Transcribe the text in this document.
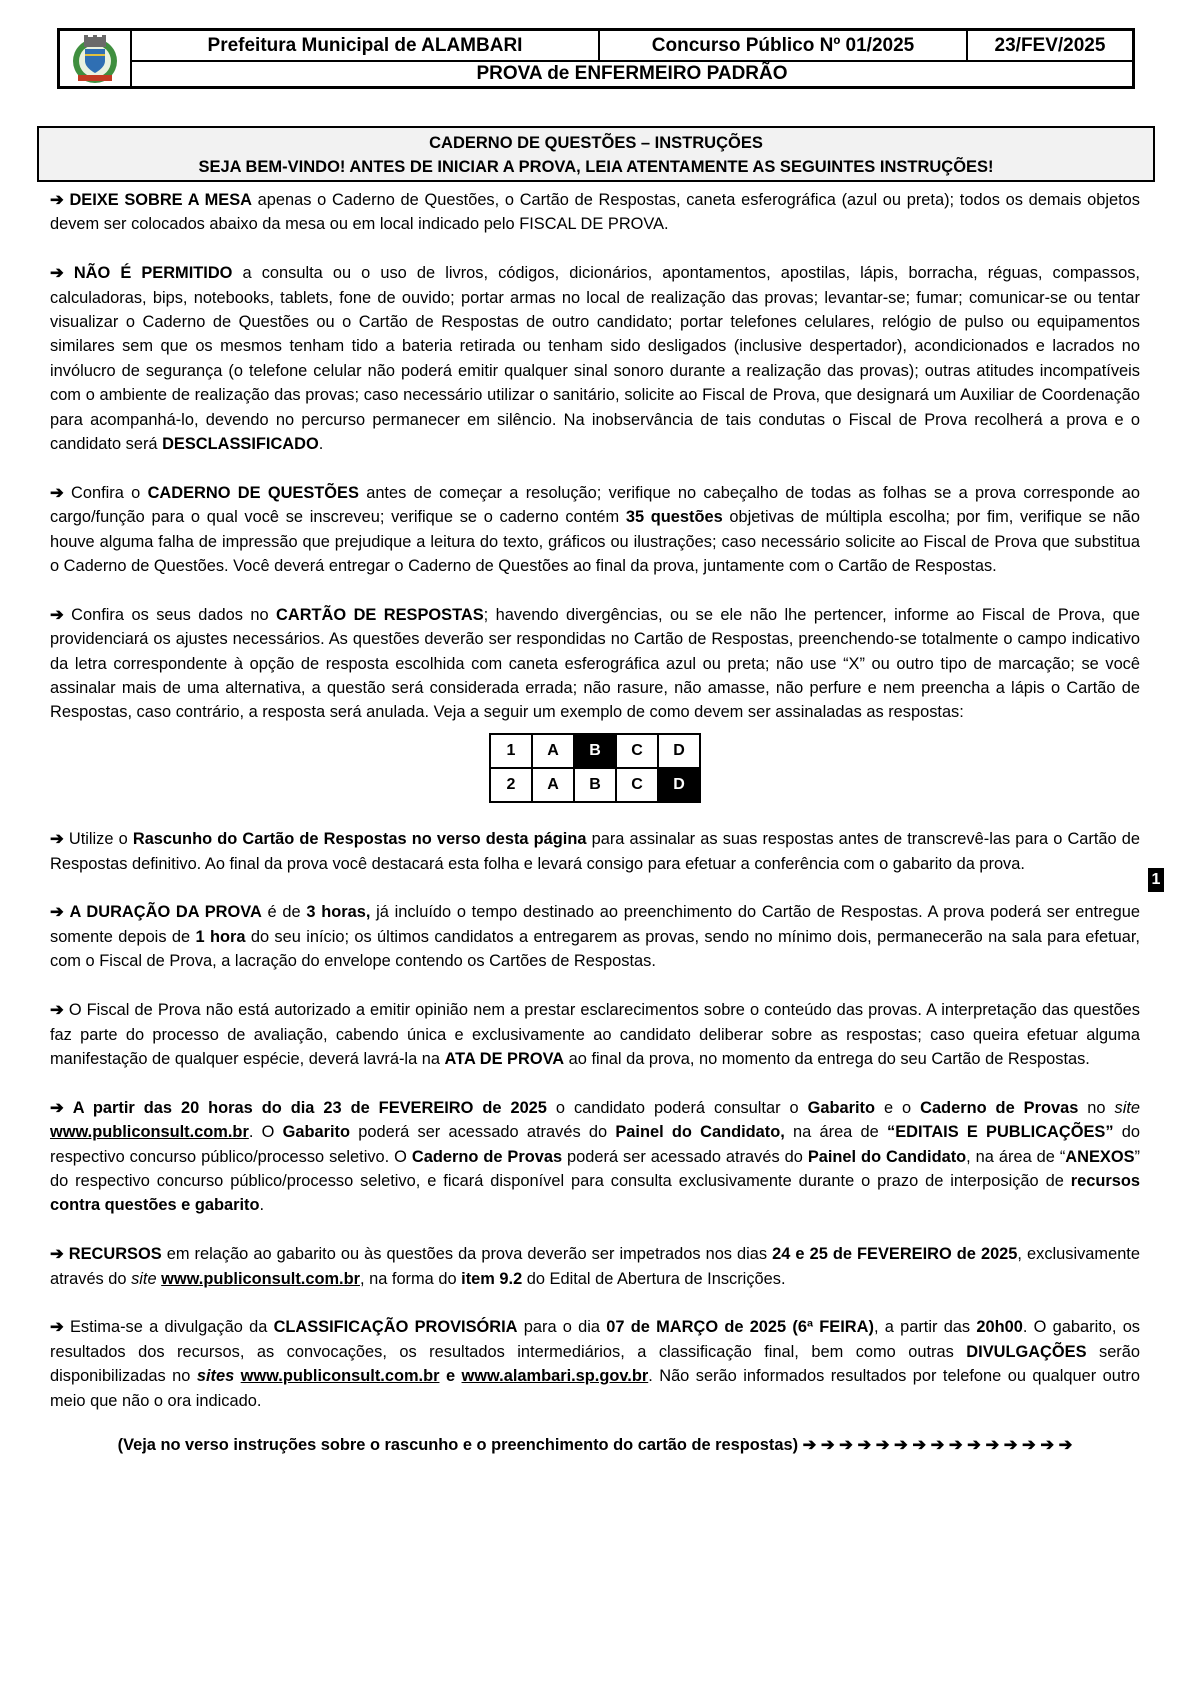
Prefeitura Municipal de ALAMBARI	Concurso Público Nº 01/2025	23/FEV/2025
PROVA de ENFERMEIRO PADRÃO
CADERNO DE QUESTÕES – INSTRUÇÕES
SEJA BEM-VINDO! ANTES DE INICIAR A PROVA, LEIA ATENTAMENTE AS SEGUINTES INSTRUÇÕES!

➔ DEIXE SOBRE A MESA apenas o Caderno de Questões, o Cartão de Respostas, caneta esferográfica (azul ou preta); todos os demais objetos devem ser colocados abaixo da mesa ou em local indicado pelo FISCAL DE PROVA.

➔ NÃO É PERMITIDO a consulta ou o uso de livros, códigos, dicionários, apontamentos, apostilas, lápis, borracha, réguas, compassos, calculadoras, bips, notebooks, tablets, fone de ouvido; portar armas no local de realização das provas; levantar-se; fumar; comunicar-se ou tentar visualizar o Caderno de Questões ou o Cartão de Respostas de outro candidato; portar telefones celulares, relógio de pulso ou equipamentos similares sem que os mesmos tenham tido a bateria retirada ou tenham sido desligados (inclusive despertador), acondicionados e lacrados no invólucro de segurança (o telefone celular não poderá emitir qualquer sinal sonoro durante a realização das provas); outras atitudes incompatíveis com o ambiente de realização das provas; caso necessário utilizar o sanitário, solicite ao Fiscal de Prova, que designará um Auxiliar de Coordenação para acompanhá-lo, devendo no percurso permanecer em silêncio. Na inobservância de tais condutas o Fiscal de Prova recolherá a prova e o candidato será DESCLASSIFICADO.

➔ Confira o CADERNO DE QUESTÕES antes de começar a resolução; verifique no cabeçalho de todas as folhas se a prova corresponde ao cargo/função para o qual você se inscreveu; verifique se o caderno contém 35 questões objetivas de múltipla escolha; por fim, verifique se não houve alguma falha de impressão que prejudique a leitura do texto, gráficos ou ilustrações; caso necessário solicite ao Fiscal de Prova que substitua o Caderno de Questões. Você deverá entregar o Caderno de Questões ao final da prova, juntamente com o Cartão de Respostas.

➔ Confira os seus dados no CARTÃO DE RESPOSTAS; havendo divergências, ou se ele não lhe pertencer, informe ao Fiscal de Prova, que providenciará os ajustes necessários. As questões deverão ser respondidas no Cartão de Respostas, preenchendo-se totalmente o campo indicativo da letra correspondente à opção de resposta escolhida com caneta esferográfica azul ou preta; não use “X” ou outro tipo de marcação; se você assinalar mais de uma alternativa, a questão será considerada errada; não rasure, não amasse, não perfure e nem preencha a lápis o Cartão de Respostas, caso contrário, a resposta será anulada. Veja a seguir um exemplo de como devem ser assinaladas as respostas:

1	A	B	C	D
2	A	B	C	D

➔ Utilize o Rascunho do Cartão de Respostas no verso desta página para assinalar as suas respostas antes de transcrevê-las para o Cartão de Respostas definitivo. Ao final da prova você destacará esta folha e levará consigo para efetuar a conferência com o gabarito da prova.

➔ A DURAÇÃO DA PROVA é de 3 horas, já incluído o tempo destinado ao preenchimento do Cartão de Respostas. A prova poderá ser entregue somente depois de 1 hora do seu início; os últimos candidatos a entregarem as provas, sendo no mínimo dois, permanecerão na sala para efetuar, com o Fiscal de Prova, a lacração do envelope contendo os Cartões de Respostas.

➔ O Fiscal de Prova não está autorizado a emitir opinião nem a prestar esclarecimentos sobre o conteúdo das provas. A interpretação das questões faz parte do processo de avaliação, cabendo única e exclusivamente ao candidato deliberar sobre as respostas; caso queira efetuar alguma manifestação de qualquer espécie, deverá lavrá-la na ATA DE PROVA ao final da prova, no momento da entrega do seu Cartão de Respostas.

➔ A partir das 20 horas do dia 23 de FEVEREIRO de 2025 o candidato poderá consultar o Gabarito e o Caderno de Provas no site www.publiconsult.com.br. O Gabarito poderá ser acessado através do Painel do Candidato, na área de “EDITAIS E PUBLICAÇÕES” do respectivo concurso público/processo seletivo. O Caderno de Provas poderá ser acessado através do Painel do Candidato, na área de “ANEXOS” do respectivo concurso público/processo seletivo, e ficará disponível para consulta exclusivamente durante o prazo de interposição de recursos contra questões e gabarito.

➔ RECURSOS em relação ao gabarito ou às questões da prova deverão ser impetrados nos dias 24 e 25 de FEVEREIRO de 2025, exclusivamente através do site www.publiconsult.com.br, na forma do item 9.2 do Edital de Abertura de Inscrições.

➔ Estima-se a divulgação da CLASSIFICAÇÃO PROVISÓRIA para o dia 07 de MARÇO de 2025 (6ª FEIRA), a partir das 20h00. O gabarito, os resultados dos recursos, as convocações, os resultados intermediários, a classificação final, bem como outras DIVULGAÇÕES serão disponibilizadas no sites www.publiconsult.com.br e www.alambari.sp.gov.br. Não serão informados resultados por telefone ou qualquer outro meio que não o ora indicado.

(Veja no verso instruções sobre o rascunho e o preenchimento do cartão de respostas) ➔ ➔ ➔ ➔ ➔ ➔ ➔ ➔ ➔ ➔ ➔ ➔ ➔ ➔ ➔
1
